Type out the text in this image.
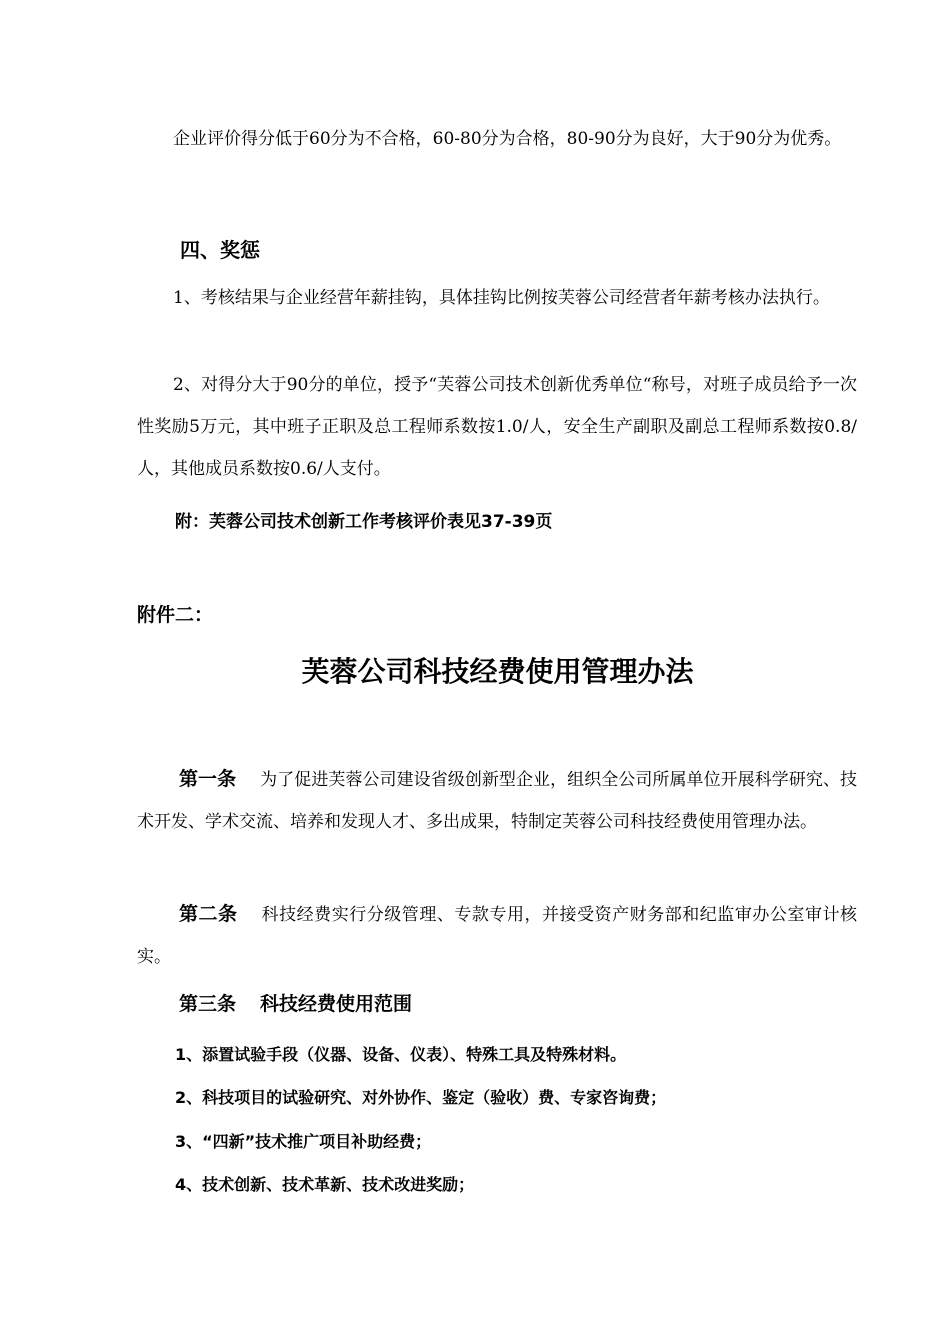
企业评价得分低于60分为不合格，60-80分为合格，80-90分为良好，大于90分为优秀。

四、奖惩

1、考核结果与企业经营年薪挂钩，具体挂钩比例按芙蓉公司经营者年薪考核办法执行。

2、对得分大于90分的单位，授予“芙蓉公司技术创新优秀单位“称号，对班子成员给予一次性奖励5万元，其中班子正职及总工程师系数按1.0/人，安全生产副职及副总工程师系数按0.8/人，其他成员系数按0.6/人支付。

附：芙蓉公司技术创新工作考核评价表见37-39页
附件二：
芙蓉公司科技经费使用管理办法

第一条 为了促进芙蓉公司建设省级创新型企业，组织全公司所属单位开展科学研究、技术开发、学术交流、培养和发现人才、多出成果，特制定芙蓉公司科技经费使用管理办法。

第二条 科技经费实行分级管理、专款专用，并接受资产财务部和纪监审办公室审计核实。

第三条 科技经费使用范围

1、添置试验手段（仪器、设备、仪表）、特殊工具及特殊材料。
2、科技项目的试验研究、对外协作、鉴定（验收）费、专家咨询费；
3、“四新”技术推广项目补助经费；
4、技术创新、技术革新、技术改进奖励；
